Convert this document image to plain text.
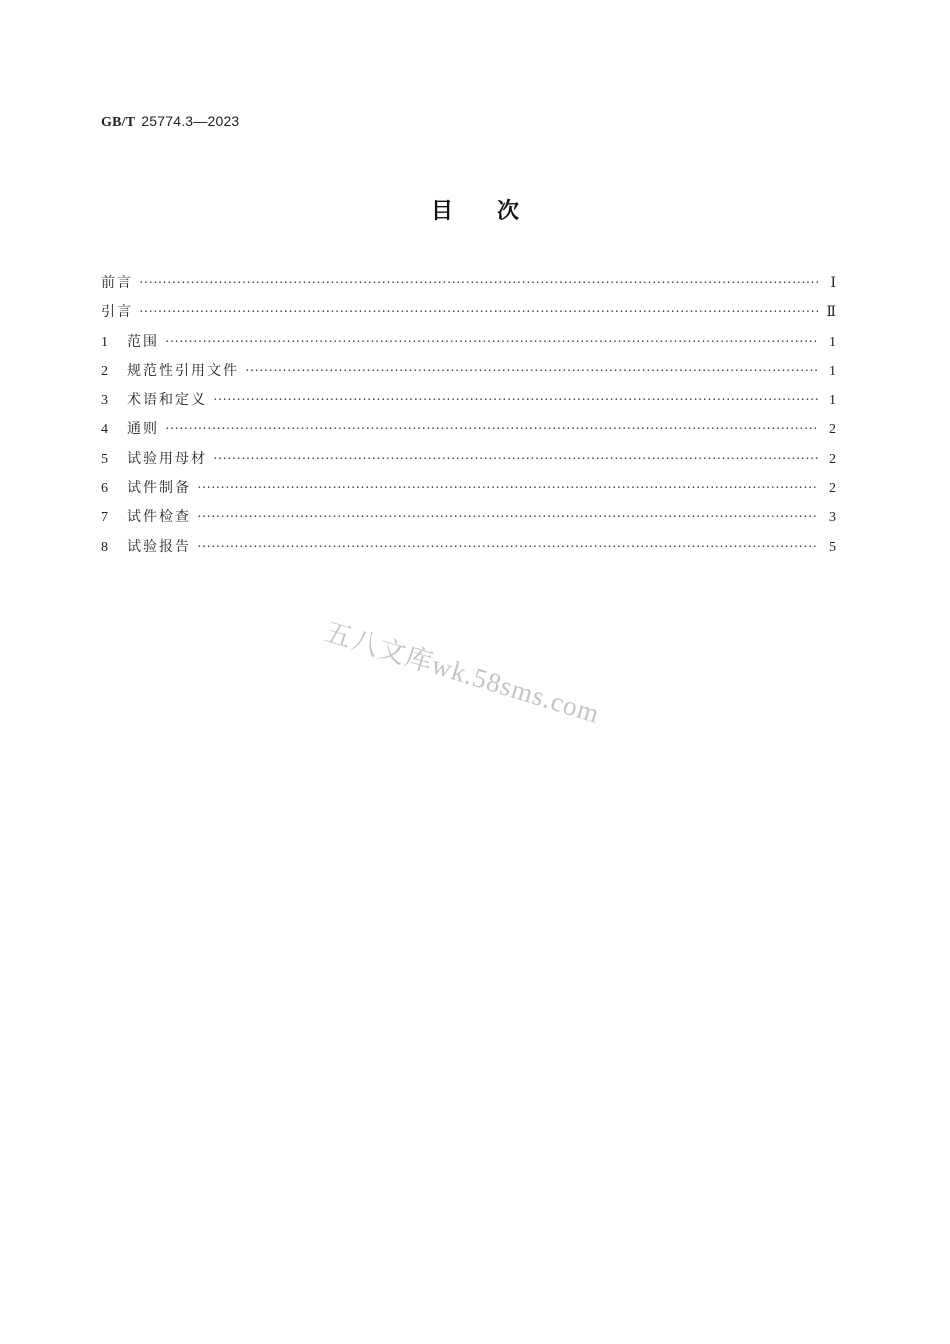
GB/T 25774.3—2023
目 次
前言 ·····	Ⅰ
引言 ·····	Ⅱ
1	范围 ·····	1
2	规范性引用文件 ·····	1
3	术语和定义 ·····	1
4	通则 ·····	2
5	试验用母材 ·····	2
6	试件制备 ·····	2
7	试件检查 ·····	3
8	试验报告 ·····	5
五八文库wk.58sms.com
